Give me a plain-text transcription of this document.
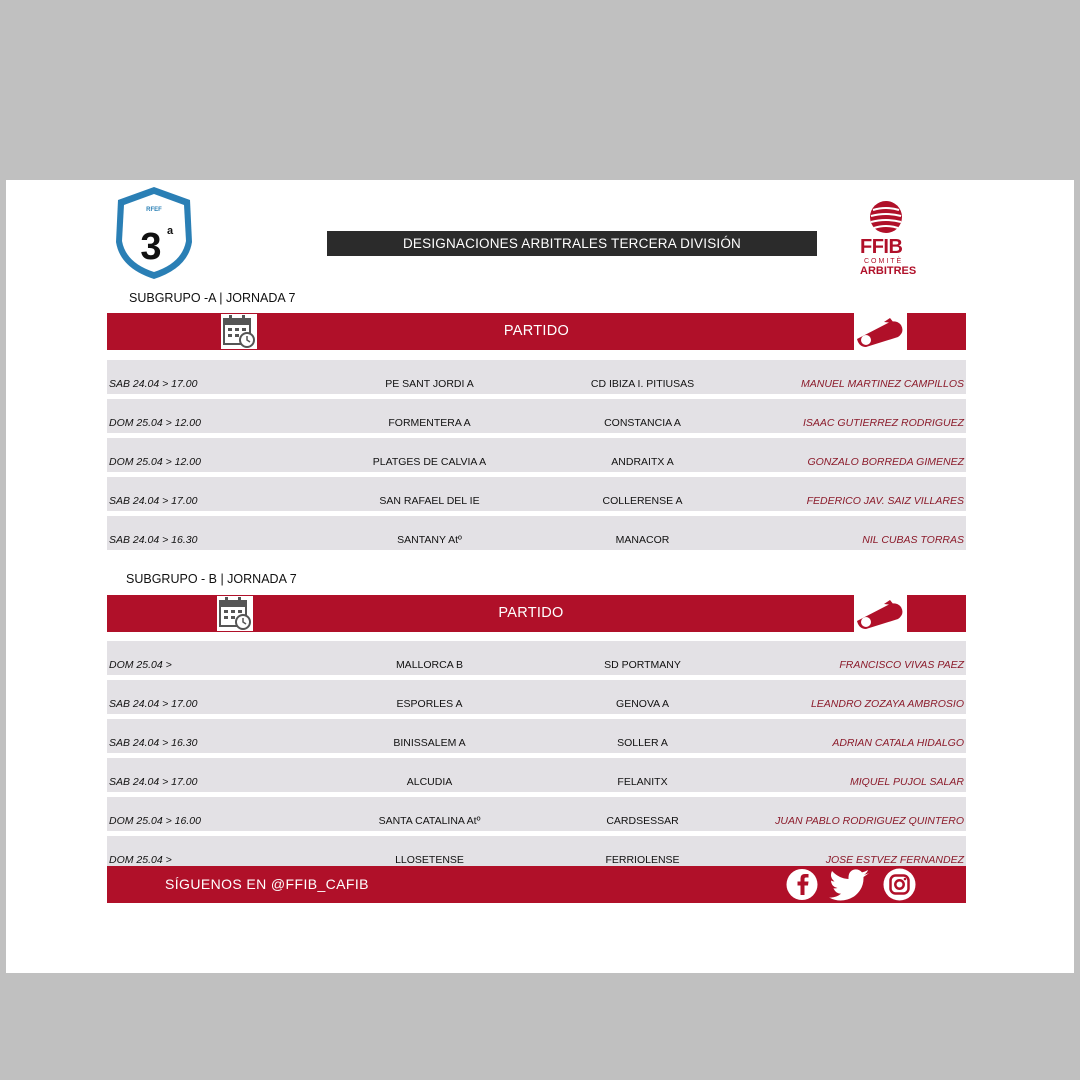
RFEF
3 a
DESIGNACIONES ARBITRALES TERCERA DIVISIÓN	FFIB
COMITÈ
ARBITRES
SUBGRUPO -A | JORNADA 7
PARTIDO
SAB 24.04 > 17.00	PE SANT JORDI A	CD IBIZA I. PITIUSAS	MANUEL MARTINEZ CAMPILLOS
DOM 25.04 > 12.00	FORMENTERA A	CONSTANCIA A	ISAAC GUTIERREZ RODRIGUEZ
DOM 25.04 > 12.00	PLATGES DE CALVIA A	ANDRAITX A	GONZALO BORREDA GIMENEZ
SAB 24.04 > 17.00	SAN RAFAEL DEL IE	COLLERENSE A	FEDERICO JAV. SAIZ VILLARES
SAB 24.04 > 16.30	SANTANY Atº	MANACOR	NIL CUBAS TORRAS
SUBGRUPO - B | JORNADA 7
PARTIDO
DOM 25.04 >	MALLORCA B	SD PORTMANY	FRANCISCO VIVAS PAEZ
SAB 24.04 > 17.00	ESPORLES A	GENOVA A	LEANDRO ZOZAYA AMBROSIO
SAB 24.04 > 16.30	BINISSALEM A	SOLLER A	ADRIAN CATALA HIDALGO
SAB 24.04 > 17.00	ALCUDIA	FELANITX	MIQUEL PUJOL SALAR
DOM 25.04 > 16.00	SANTA CATALINA Atº	CARDSESSAR	JUAN PABLO RODRIGUEZ QUINTERO
DOM 25.04 >	LLOSETENSE	FERRIOLENSE	JOSE ESTVEZ FERNANDEZ
SÍGUENOS EN @FFIB_CAFIB
